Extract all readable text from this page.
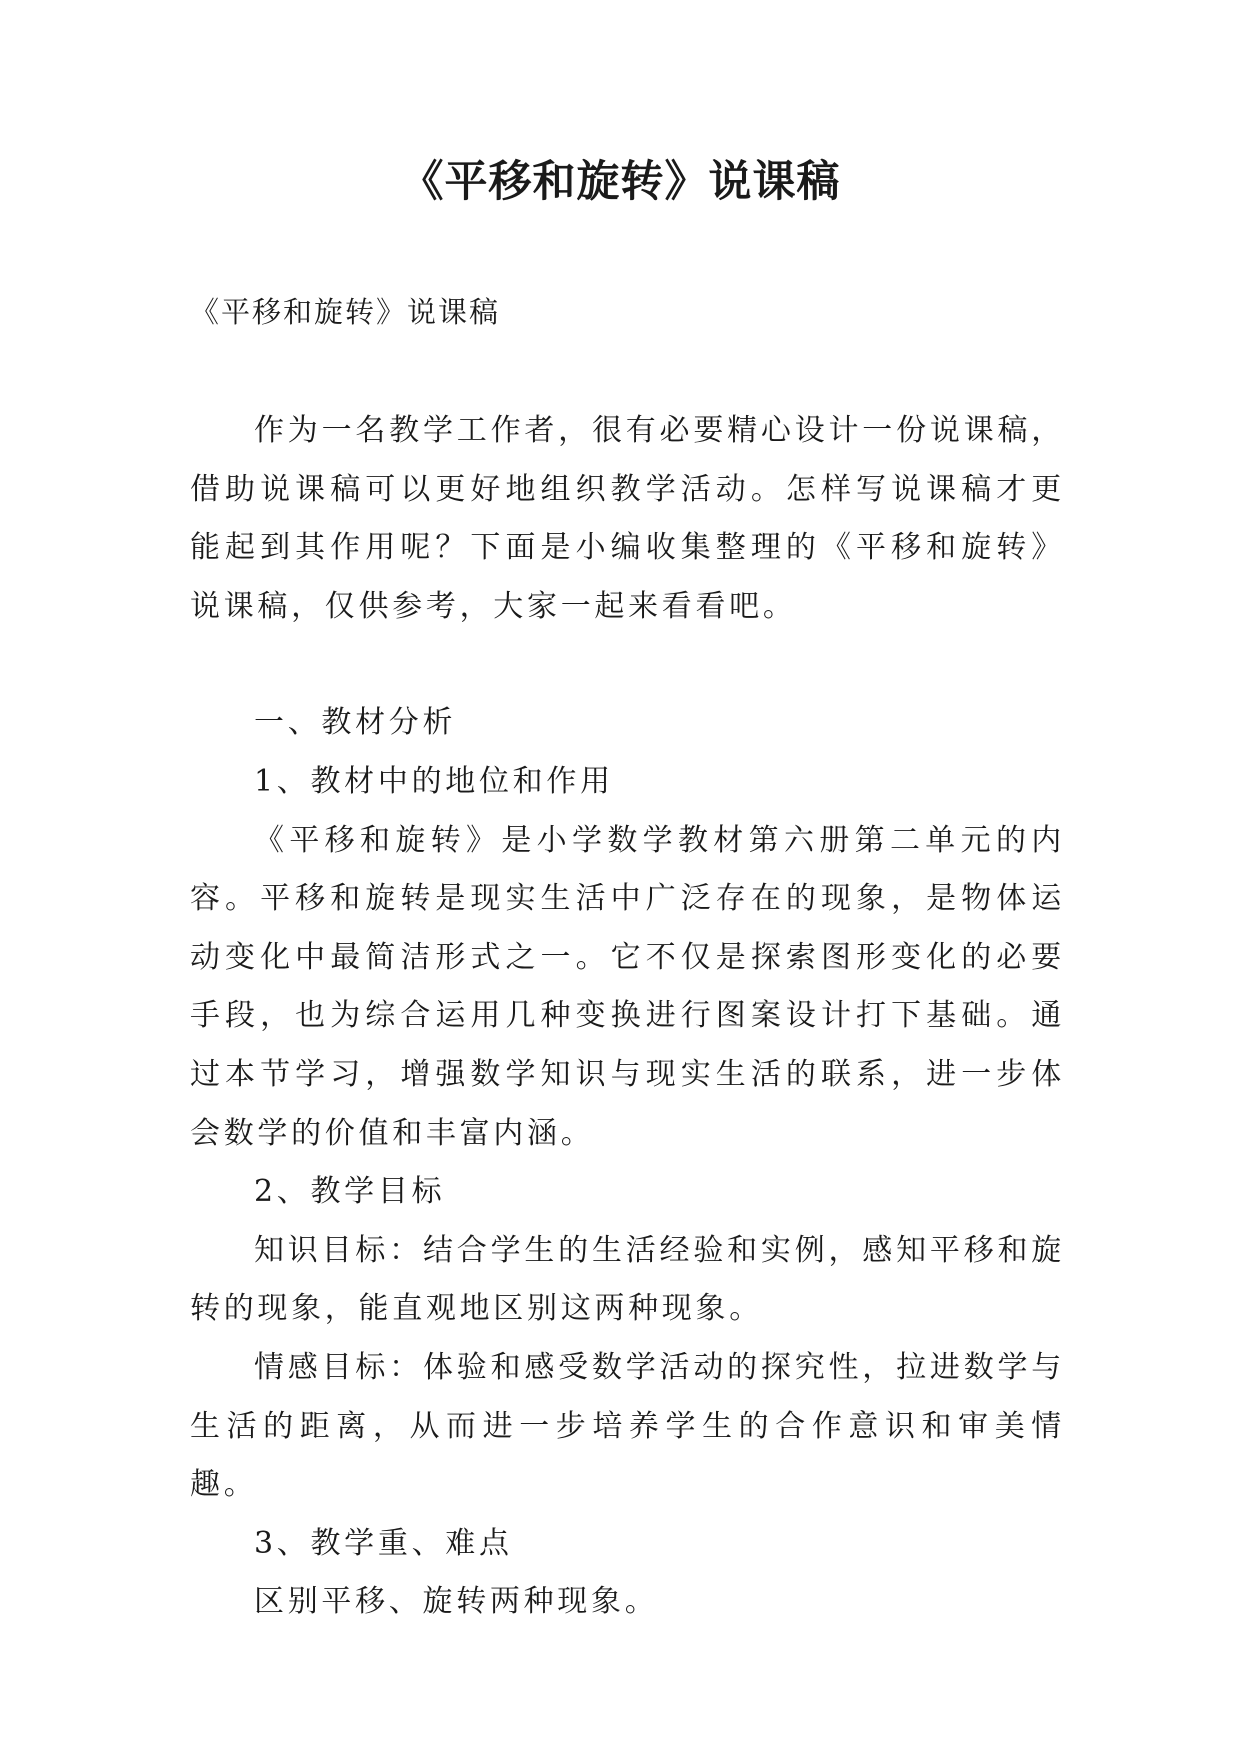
《平移和旋转》说课稿
《平移和旋转》说课稿

作为一名教学工作者，很有必要精心设计一份说课稿，借助说课稿可以更好地组织教学活动。怎样写说课稿才更能起到其作用呢？下面是小编收集整理的《平移和旋转》说课稿，仅供参考，大家一起来看看吧。

一、教材分析

1、教材中的地位和作用

《平移和旋转》是小学数学教材第六册第二单元的内容。平移和旋转是现实生活中广泛存在的现象，是物体运动变化中最简洁形式之一。它不仅是探索图形变化的必要手段，也为综合运用几种变换进行图案设计打下基础。通过本节学习，增强数学知识与现实生活的联系，进一步体会数学的价值和丰富内涵。

2、教学目标

知识目标：结合学生的生活经验和实例，感知平移和旋转的现象，能直观地区别这两种现象。

情感目标：体验和感受数学活动的探究性，拉进数学与生活的距离，从而进一步培养学生的合作意识和审美情趣。

3、教学重、难点

区别平移、旋转两种现象。
